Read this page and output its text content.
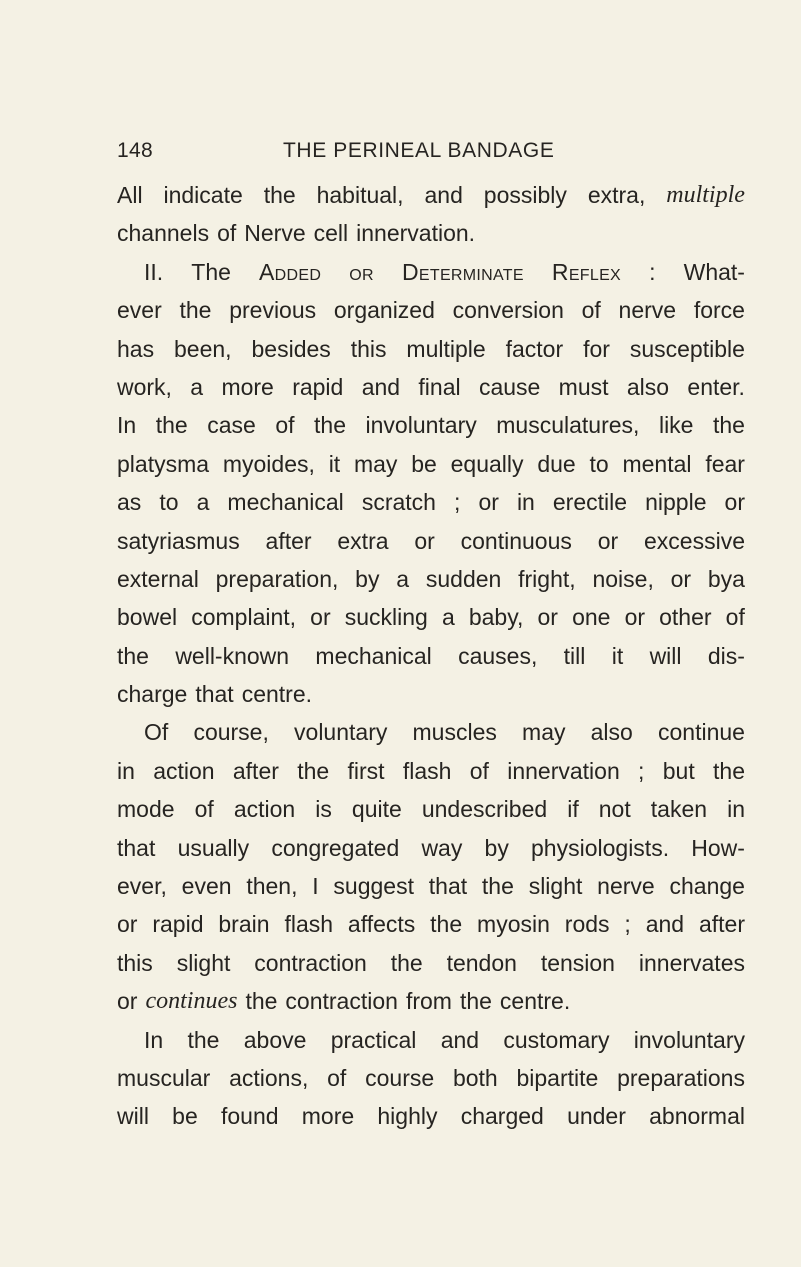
148	THE PERINEAL BANDAGE
All indicate the habitual, and possibly extra, multiple
channels of Nerve cell innervation.
II. The Added or Determinate Reflex : What-
ever the previous organized conversion of nerve force
has been, besides this multiple factor for susceptible
work, a more rapid and final cause must also enter.
In the case of the involuntary musculatures, like the
platysma myoides, it may be equally due to mental fear
as to a mechanical scratch ; or in erectile nipple or
satyriasmus after extra or continuous or excessive
external preparation, by a sudden fright, noise, or bya
bowel complaint, or suckling a baby, or one or other of
the well-known mechanical causes, till it will dis-
charge that centre.
Of course, voluntary muscles may also continue
in action after the first flash of innervation ; but the
mode of action is quite undescribed if not taken in
that usually congregated way by physiologists. How-
ever, even then, I suggest that the slight nerve change
or rapid brain flash affects the myosin rods ; and after
this slight contraction the tendon tension innervates
or continues the contraction from the centre.
In the above practical and customary involuntary
muscular actions, of course both bipartite preparations
will be found more highly charged under abnormal
